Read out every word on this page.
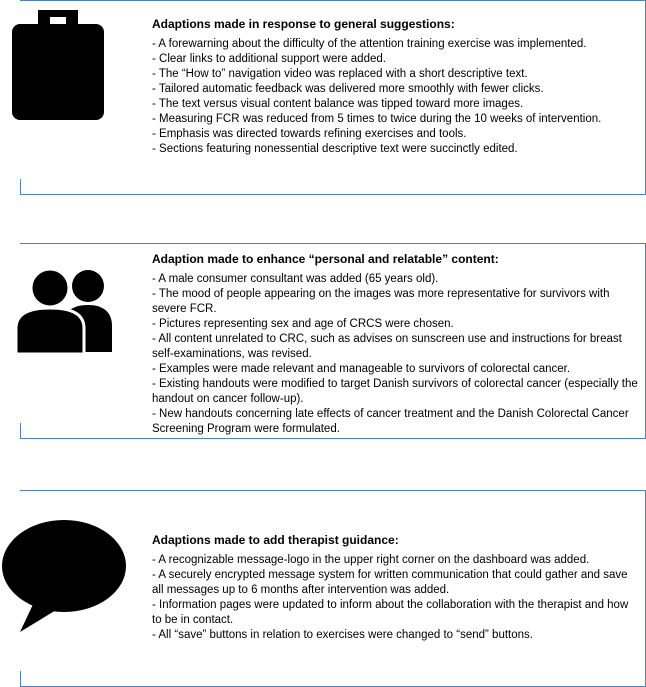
Adaptions made in response to general suggestions:
- A forewarning about the difficulty of the attention training exercise was implemented.
- Clear links to additional support were added.
- The “How to” navigation video was replaced with a short descriptive text.
- Tailored automatic feedback was delivered more smoothly with fewer clicks.
- The text versus visual content balance was tipped toward more images.
- Measuring FCR was reduced from 5 times to twice during the 10 weeks of intervention.
- Emphasis was directed towards refining exercises and tools.
- Sections featuring nonessential descriptive text were succinctly edited.
Adaption made to enhance “personal and relatable” content:
- A male consumer consultant was added (65 years old).
- The mood of people appearing on the images was more representative for survivors with severe FCR.
- Pictures representing sex and age of CRCS were chosen.
- All content unrelated to CRC, such as advises on sunscreen use and instructions for breast self-examinations, was revised.
- Examples were made relevant and manageable to survivors of colorectal cancer.
- Existing handouts were modified to target Danish survivors of colorectal cancer (especially the handout on cancer follow-up).
- New handouts concerning late effects of cancer treatment and the Danish Colorectal Cancer Screening Program were formulated.
Adaptions made to add therapist guidance:
- A recognizable message-logo in the upper right corner on the dashboard was added.
- A securely encrypted message system for written communication that could gather and save all messages up to 6 months after intervention was added.
- Information pages were updated to inform about the collaboration with the therapist and how to be in contact.
- All “save” buttons in relation to exercises were changed to “send” buttons.
